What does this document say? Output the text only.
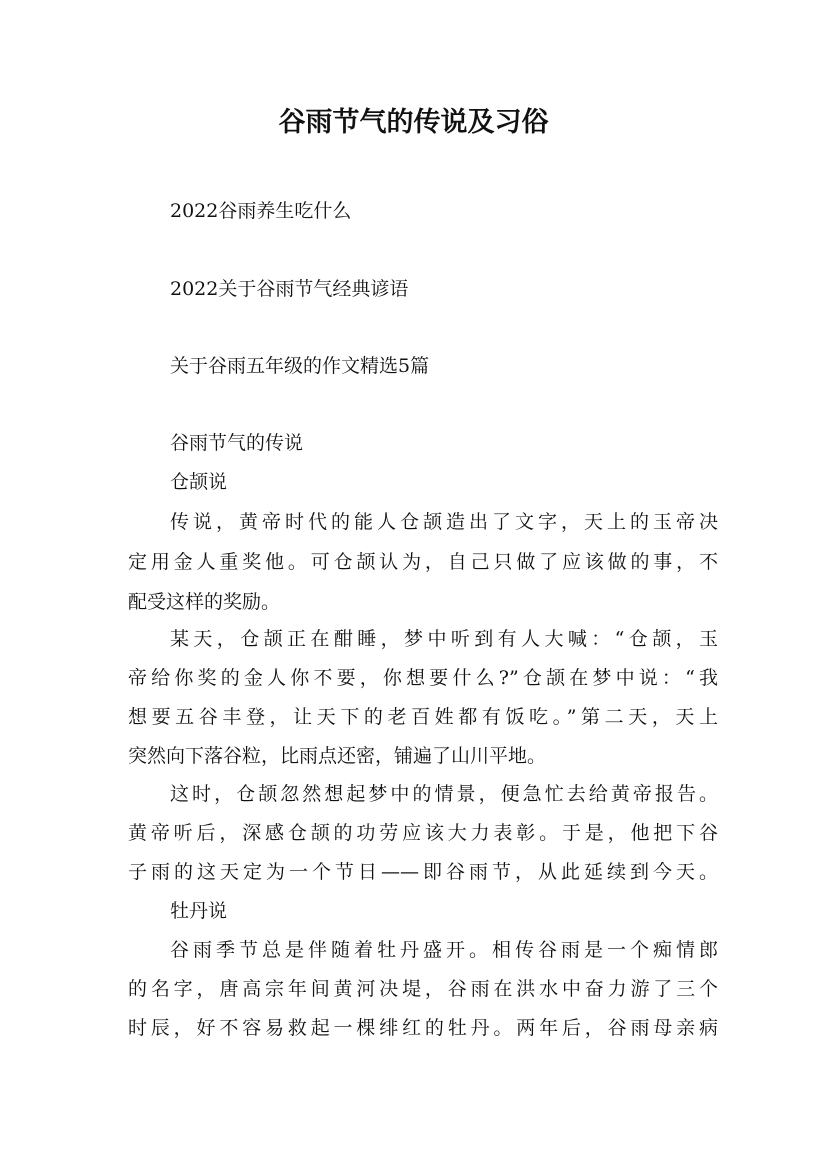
谷雨节气的传说及习俗
2022谷雨养生吃什么
2022关于谷雨节气经典谚语
关于谷雨五年级的作文精选5篇
谷雨节气的传说
仓颉说
传说，黄帝时代的能人仓颉造出了文字，天上的玉帝决
定用金人重奖他。可仓颉认为，自己只做了应该做的事，不
配受这样的奖励。
某天，仓颉正在酣睡，梦中听到有人大喊：“仓颉，玉
帝给你奖的金人你不要，你想要什么?”仓颉在梦中说：“我
想要五谷丰登，让天下的老百姓都有饭吃。”第二天，天上
突然向下落谷粒，比雨点还密，铺遍了山川平地。
这时，仓颉忽然想起梦中的情景，便急忙去给黄帝报告。
黄帝听后，深感仓颉的功劳应该大力表彰。于是，他把下谷
子雨的这天定为一个节日——即谷雨节，从此延续到今天。
牡丹说
谷雨季节总是伴随着牡丹盛开。相传谷雨是一个痴情郎
的名字，唐高宗年间黄河决堤，谷雨在洪水中奋力游了三个
时辰，好不容易救起一棵绯红的牡丹。两年后，谷雨母亲病
